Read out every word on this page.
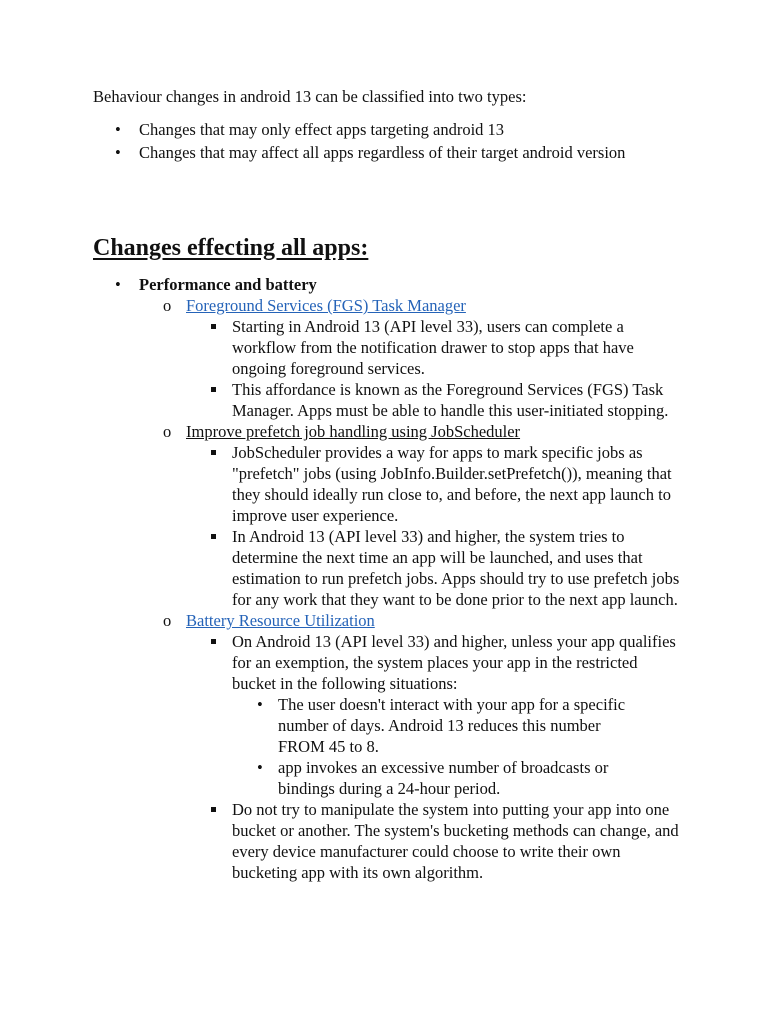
Behaviour changes in android 13 can be classified into two types:

• Changes that may only effect apps targeting android 13
• Changes that may affect all apps regardless of their target android version
Changes effecting all apps:
• Performance and battery
o Foreground Services (FGS) Task Manager
Starting in Android 13 (API level 33), users can complete a workflow from the notification drawer to stop apps that have ongoing foreground services.
This affordance is known as the Foreground Services (FGS) Task Manager. Apps must be able to handle this user-initiated stopping.
o Improve prefetch job handling using JobScheduler
JobScheduler provides a way for apps to mark specific jobs as "prefetch" jobs (using JobInfo.Builder.setPrefetch()), meaning that they should ideally run close to, and before, the next app launch to improve user experience.
In Android 13 (API level 33) and higher, the system tries to determine the next time an app will be launched, and uses that estimation to run prefetch jobs. Apps should try to use prefetch jobs for any work that they want to be done prior to the next app launch.
o Battery Resource Utilization
On Android 13 (API level 33) and higher, unless your app qualifies for an exemption, the system places your app in the restricted bucket in the following situations:
• The user doesn't interact with your app for a specific number of days. Android 13 reduces this number FROM 45 to 8.
• app invokes an excessive number of broadcasts or bindings during a 24-hour period.
Do not try to manipulate the system into putting your app into one bucket or another. The system's bucketing methods can change, and every device manufacturer could choose to write their own bucketing app with its own algorithm.
